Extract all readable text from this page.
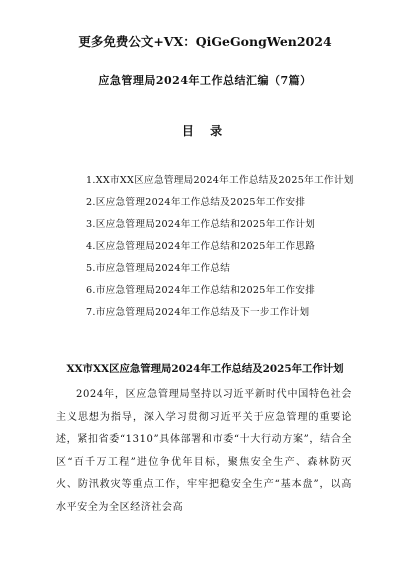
更多免费公文+VX：QiGeGongWen2024
应急管理局2024年工作总结汇编（7篇）
目 录
1.XX市XX区应急管理局2024年工作总结及2025年工作计划
2.区应急管理2024年工作总结及2025年工作安排
3.区应急管理局2024年工作总结和2025年工作计划
4.区应急管理局2024年工作总结和2025年工作思路
5.市应急管理局2024年工作总结
6.市应急管理局2024年工作总结和2025年工作安排
7.市应急管理局2024年工作总结及下一步工作计划
XX市XX区应急管理局2024年工作总结及2025年工作计划
2024年，区应急管理局坚持以习近平新时代中国特色社会主义思想为指导，深入学习贯彻习近平关于应急管理的重要论述，紧扣省委“1310”具体部署和市委“十大行动方案”，结合全区“百千万工程”进位争优年目标，聚焦安全生产、森林防灭火、防汛救灾等重点工作，牢牢把稳安全生产“基本盘”，以高水平安全为全区经济社会高
